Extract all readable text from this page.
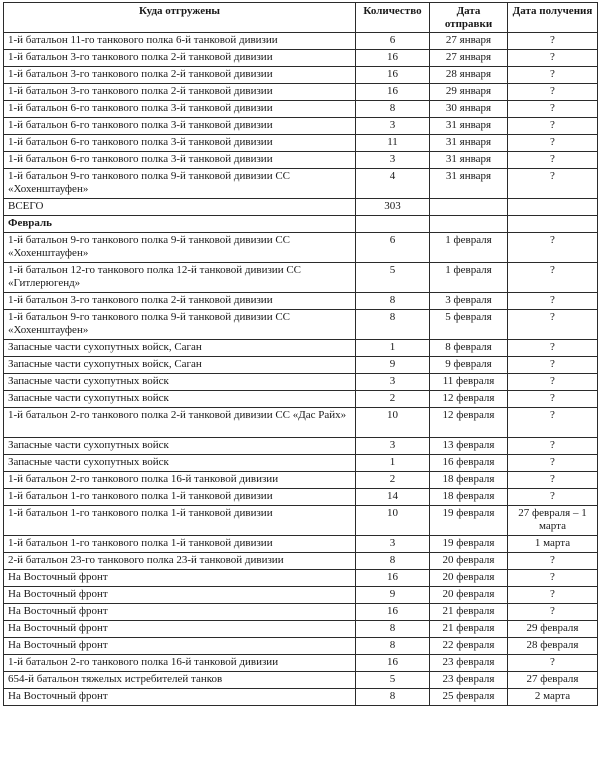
Куда отгружены	Количество	Дата отправки	Дата получения
1-й батальон 11-го танкового полка 6-й танковой дивизии	6	27 января	?
1-й батальон 3-го танкового полка 2-й танковой дивизии	16	27 января	?
1-й батальон 3-го танкового полка 2-й танковой дивизии	16	28 января	?
1-й батальон 3-го танкового полка 2-й танковой дивизии	16	29 января	?
1-й батальон 6-го танкового полка 3-й танковой дивизии	8	30 января	?
1-й батальон 6-го танкового полка 3-й танковой дивизии	3	31 января	?
1-й батальон 6-го танкового полка 3-й танковой дивизии	11	31 января	?
1-й батальон 6-го танкового полка 3-й танковой дивизии	3	31 января	?
1-й батальон 9-го танкового полка 9-й танковой дивизии СС «Хохенштауфен»	4	31 января	?
ВСЕГО	303		
Февраль			
1-й батальон 9-го танкового полка 9-й танковой дивизии СС «Хохенштауфен»	6	1 февраля	?
1-й батальон 12-го танкового полка 12-й танковой дивизии СС «Гитлерюгенд»	5	1 февраля	?
1-й батальон 3-го танкового полка 2-й танковой дивизии	8	3 февраля	?
1-й батальон 9-го танкового полка 9-й танковой дивизии СС «Хохенштауфен»	8	5 февраля	?
Запасные части сухопутных войск, Саган	1	8 февраля	?
Запасные части сухопутных войск, Саган	9	9 февраля	?
Запасные части сухопутных войск	3	11 февраля	?
Запасные части сухопутных войск	2	12 февраля	?
1-й батальон 2-го танкового полка 2-й танковой дивизии СС «Дас Райх»	10	12 февраля	?
Запасные части сухопутных войск	3	13 февраля	?
Запасные части сухопутных войск	1	16 февраля	?
1-й батальон 2-го танкового полка 16-й танковой дивизии	2	18 февраля	?
1-й батальон 1-го танкового полка 1-й танковой дивизии	14	18 февраля	?
1-й батальон 1-го танкового полка 1-й танковой дивизии	10	19 февраля	27 февраля – 1 марта
1-й батальон 1-го танкового полка 1-й танковой дивизии	3	19 февраля	1 марта
2-й батальон 23-го танкового полка 23-й танковой дивизии	8	20 февраля	?
На Восточный фронт	16	20 февраля	?
На Восточный фронт	9	20 февраля	?
На Восточный фронт	16	21 февраля	?
На Восточный фронт	8	21 февраля	29 февраля
На Восточный фронт	8	22 февраля	28 февраля
1-й батальон 2-го танкового полка 16-й танковой дивизии	16	23 февраля	?
654-й батальон тяжелых истребителей танков	5	23 февраля	27 февраля
На Восточный фронт	8	25 февраля	2 марта
